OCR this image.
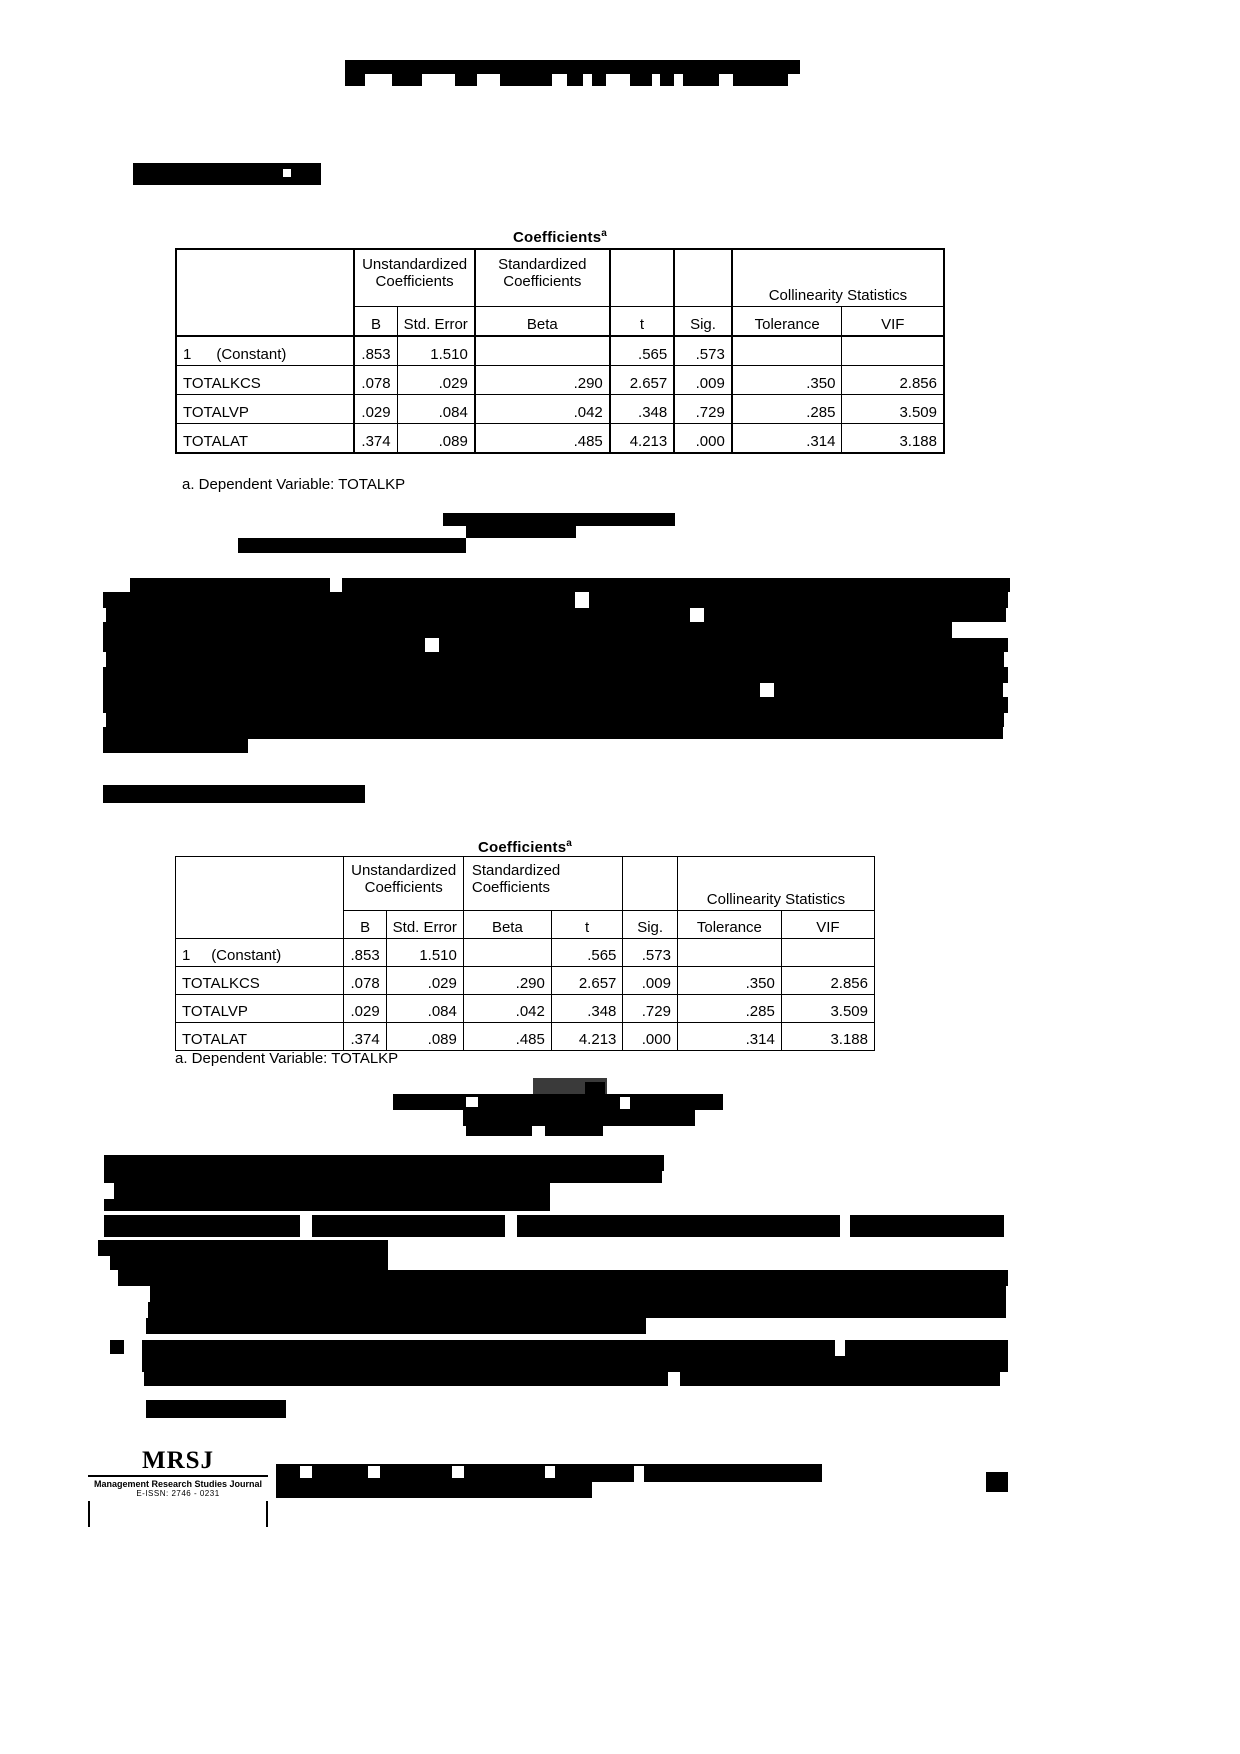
Coefficients$^a$

Unstandardized
Coefficients

Standardized
Coefficients
			Collinearity Statistics
	B	Std. Error	Beta	t	Sig.	Tolerance	VIF
1 (Constant)	.853	1.510		.565	.573		
TOTALKCS	.078	.029	.290	2.657	.009	.350	2.856
TOTALVP	.029	.084	.042	.348	.729	.285	3.509
TOTALAT	.374	.089	.485	4.213	.000	.314	3.188
a. Dependent Variable: TOTALKP
Coefficients$^a$

Unstandardized
Coefficients

Standardized
Coefficients
		Collinearity Statistics
	B	Std. Error	Beta	t	Sig.	Tolerance	VIF
1 (Constant)	.853	1.510		.565	.573		
TOTALKCS	.078	.029	.290	2.657	.009	.350	2.856
TOTALVP	.029	.084	.042	.348	.729	.285	3.509
TOTALAT	.374	.089	.485	4.213	.000	.314	3.188
a. Dependent Variable: TOTALKP
MRSJ
Management Research Studies Journal
E-ISSN: 2746 - 0231
